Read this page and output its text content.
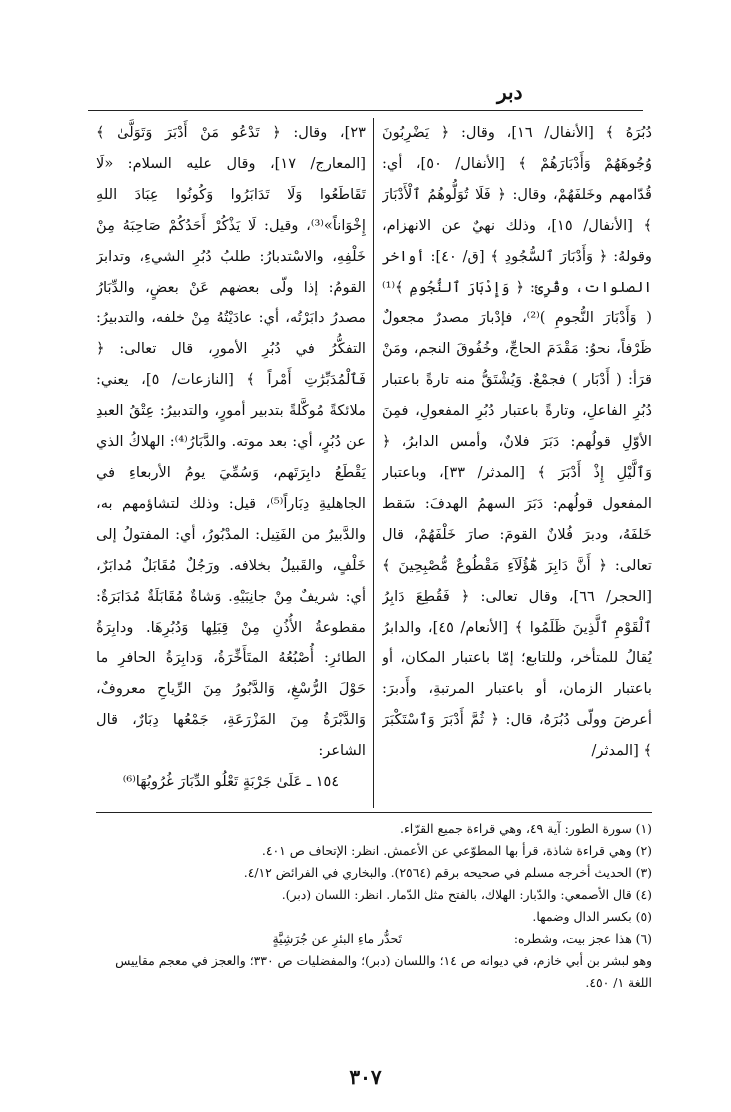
دبر

دُبُرَهُ ﴾ [الأنفال/ ١٦]، وقال: ﴿ يَضْرِبُونَ وُجُوهَهُمْ وَأَدْبَارَهُمْ ﴾ [الأنفال/ ٥٠]، أي: قُدّامهم وخَلفَهُمْ، وقال: ﴿ فَلَا تُوَلُّوهُمُ ٱلْأَدْبَارَ ﴾ [الأنفال/ ١٥]، وذلك نهيٌ عن الانهزام، وقولهُ: ﴿ وَأَدْبَارَ ٱلسُّجُودِ ﴾ [ق/ ٤٠]: أواخر الصلوات، وقُرِئ: ﴿ وَإِدْبَارَ ٱلنُّجُومِ ﴾⁽¹⁾ ( وَأَدْبَارَ النُّجومِ )⁽²⁾، فإدْبارَ مصدرٌ مجعولٌ ظَرْفاً، نحوُ: مَقْدَمَ الحاجِّ، وخُفُوقَ النجم، ومَنْ قرَأ: ( أَدْبَار ) فجمْعٌ. وَيُشْتَقُّ منه تارةً باعتبار دُبُرِ الفاعلِ، وتارةً باعتبار دُبُرِ المفعولِ، فمِنَ الأوّلِ قولُهم: دَبَرَ فلانٌ، وأمس الدابرُ، ﴿ وَٱلَّيْلِ إِذْ أَدْبَرَ ﴾ [المدثر/ ٣٣]، وباعتبار المفعول قولُهم: دَبَرَ السهمُ الهدفَ: سَقط خَلفَهُ، ودبرَ فُلانٌ القومَ: صارَ خَلْفَهُمْ، قال تعالى: ﴿ أَنَّ دَابِرَ هَٰٓؤُلَآءِ مَقْطُوعٌ مُّصْبِحِينَ ﴾ [الحجر/ ٦٦]، وقال تعالى: ﴿ فَقُطِعَ دَابِرُ ٱلْقَوْمِ ٱلَّذِينَ ظَلَمُوا ﴾ [الأنعام/ ٤٥]، والدابرُ يُقالُ للمتأخر، وللتابع؛ إمّا باعتبار المكان، أو باعتبار الزمان، أو باعتبار المرتبةِ، وأَدبرَ: أعرضَ وولّى دُبُرَهُ، قال: ﴿ ثُمَّ أَدْبَرَ وَٱسْتَكْبَرَ ﴾ [المدثر/

٢٣]، وقال: ﴿ تَدْعُو مَنْ أَدْبَرَ وَتَوَلَّىٰ ﴾ [المعارج/ ١٧]، وقال عليه السلام: «لَا تَقَاطَعُوا وَلَا تَدَابَرُوا وَكُونُوا عِبَادَ اللهِ إِخْوَاناً»⁽³⁾، وقيل: لَا يَذْكُرْ أَحَدُكُمْ صَاحِبَهُ مِنْ خَلْفِهِ، والاسْتدبارُ: طلبُ دُبُرِ الشيءِ، وتدابرَ القومُ: إذا ولّى بعضهم عَنْ بعضٍ، والدِّبَارُ مصدرُ دابَرْتُه، أي: عادَيْتُهُ مِنْ خلفه، والتدبيرُ: التفكُّرُ في دُبُرِ الأمورِ، قال تعالى: ﴿ فَٱلْمُدَبِّرَٰتِ أَمْراً ﴾ [النازعات/ ٥]، يعني: ملائكةً مُوكَّلةً بتدبير أمورٍ، والتدبيرُ: عِتْقُ العبدِ عن دُبُرٍ، أي: بعد موته. والدَّبَارُ⁽⁴⁾: الهلاكُ الذي يَقْطَعُ دابِرَتَهم، وَسُمِّيَ يومُ الأربعاءِ في الجاهليةِ دِبَاراً⁽⁵⁾، قيل: وذلك لتشاؤمهم به، والدَّبيرُ من الفَتِيل: المدْبُورُ، أي: المفتولُ إلى خَلْفٍ، والقَبيلُ بخلافه. ورَجُلٌ مُقَابَلٌ مُدابَرٌ، أي: شريفٌ مِنْ جانِبَيْهِ. وَشاةٌ مُقَابَلَةٌ مُدَابَرَةٌ: مقطوعةُ الأُذُنِ مِنْ قِبَلِها وَدُبُرِهَا. ودابِرَةُ الطائرِ: أُصْبُعُهُ المتَأَخِّرَةُ، وَدابِرَةُ الحافرِ ما حَوْلَ الرُّسْغِ، وَالدَّبُورُ مِنَ الرِّياحِ معروفٌ، وَالدَّبْرَةُ مِنَ المَزْرَعَةِ، جَمْعُها دِبَارٌ، قال الشاعر:

١٥٤ ـ عَلَىٰ جَرْبَةٍ تَعْلُو الدِّبَارَ غُرُوبُهَا⁽⁶⁾

(١) سورة الطور: آية ٤٩، وهي قراءة جميع القرّاء.

(٢) وهي قراءة شاذة، قرأ بها المطوّعي عن الأعمش. انظر: الإتحاف ص ٤٠١.

(٣) الحديث أخرجه مسلم في صحيحه برقم (٢٥٦٤). والبخاري في الفرائض ٤/١٢.

(٤) قال الأصمعي: والدّبار: الهلاك، بالفتح مثل الدّمار. انظر: اللسان (دبر).

(٥) بكسر الدال وضمها.

(٦) هذا عجز بيت، وشطره:

تَحدُّر ماءِ البئرِ عن جُرَشِيَّةٍ

وهو لبشر بن أبي خازم، في ديوانه ص ١٤؛ واللسان (دبر)؛ والمفضليات ص ٣٣٠؛ والعجز في معجم مقاييس اللغة ١/ ٤٥٠.

٣٠٧
